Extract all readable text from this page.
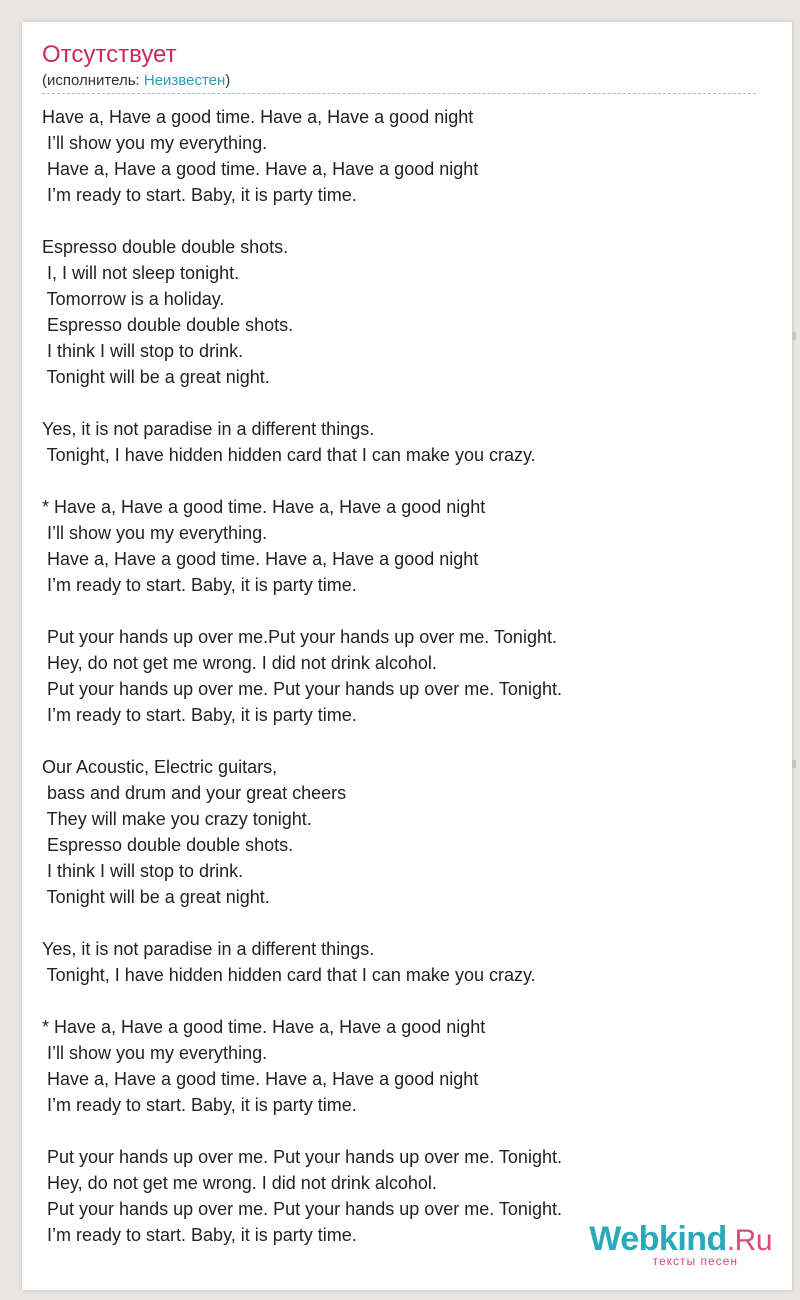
Отсутствует
(исполнитель: Неизвестен)
Have a, Have a good time. Have a, Have a good night
I’ll show you my everything.
Have a, Have a good time. Have a, Have a good night
I’m ready to start. Baby, it is party time.
Espresso double double shots.
I, I will not sleep tonight.
Tomorrow is a holiday.
Espresso double double shots.
I think I will stop to drink.
Tonight will be a great night.
Yes, it is not paradise in a different things.
Tonight, I have hidden hidden card that I can make you crazy.
* Have a, Have a good time. Have a, Have a good night
I’ll show you my everything.
Have a, Have a good time. Have a, Have a good night
I’m ready to start. Baby, it is party time.
Put your hands up over me.Put your hands up over me. Tonight.
Hey, do not get me wrong. I did not drink alcohol.
Put your hands up over me. Put your hands up over me. Tonight.
I’m ready to start. Baby, it is party time.
Our Acoustic, Electric guitars,
bass and drum and your great cheers
They will make you crazy tonight.
Espresso double double shots.
I think I will stop to drink.
Tonight will be a great night.
Yes, it is not paradise in a different things.
Tonight, I have hidden hidden card that I can make you crazy.
* Have a, Have a good time. Have a, Have a good night
I’ll show you my everything.
Have a, Have a good time. Have a, Have a good night
I’m ready to start. Baby, it is party time.
Put your hands up over me. Put your hands up over me. Tonight.
Hey, do not get me wrong. I did not drink alcohol.
Put your hands up over me. Put your hands up over me. Tonight.
I’m ready to start. Baby, it is party time.	Webkind.Ru
тексты песен
